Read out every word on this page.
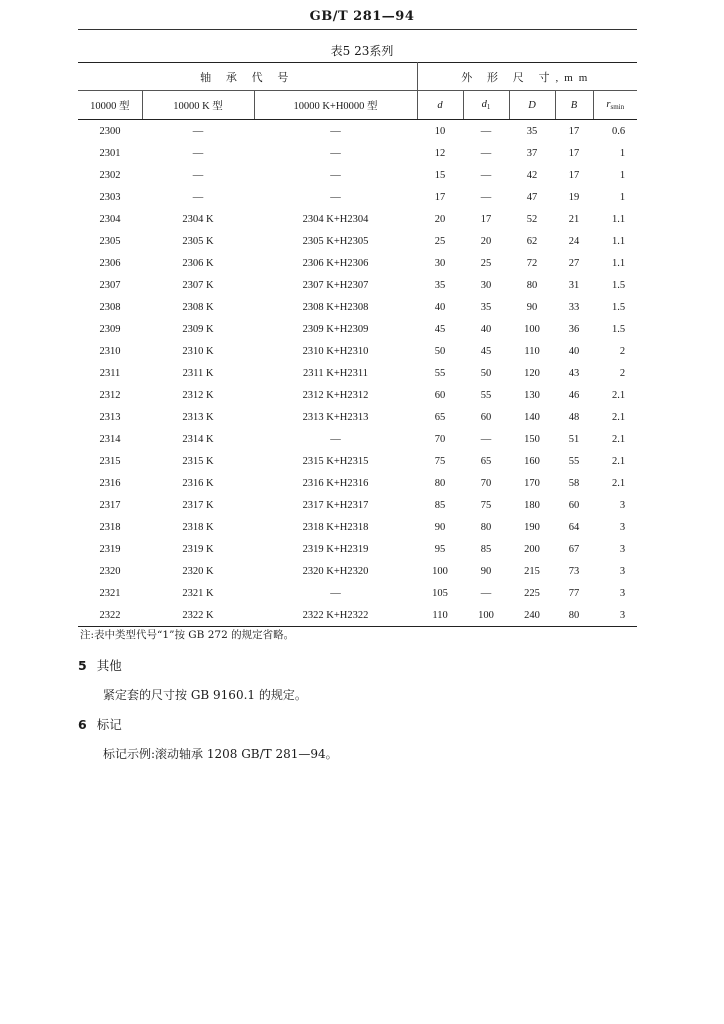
GB/T 281—94
表5 23系列
轴 承 代 号			外 形 尺 寸,mm				
10000 型	10000 K 型	10000 K+H0000 型	d	$d_1$	D	B	$r_{smin}$
2300	—	—	10	—	35	17	0.6
2301	—	—	12	—	37	17	1
2302	—	—	15	—	42	17	1
2303	—	—	17	—	47	19	1
2304	2304 K	2304 K+H2304	20	17	52	21	1.1
2305	2305 K	2305 K+H2305	25	20	62	24	1.1
2306	2306 K	2306 K+H2306	30	25	72	27	1.1
2307	2307 K	2307 K+H2307	35	30	80	31	1.5
2308	2308 K	2308 K+H2308	40	35	90	33	1.5
2309	2309 K	2309 K+H2309	45	40	100	36	1.5
2310	2310 K	2310 K+H2310	50	45	110	40	2
2311	2311 K	2311 K+H2311	55	50	120	43	2
2312	2312 K	2312 K+H2312	60	55	130	46	2.1
2313	2313 K	2313 K+H2313	65	60	140	48	2.1
2314	2314 K	—	70	—	150	51	2.1
2315	2315 K	2315 K+H2315	75	65	160	55	2.1
2316	2316 K	2316 K+H2316	80	70	170	58	2.1
2317	2317 K	2317 K+H2317	85	75	180	60	3
2318	2318 K	2318 K+H2318	90	80	190	64	3
2319	2319 K	2319 K+H2319	95	85	200	67	3
2320	2320 K	2320 K+H2320	100	90	215	73	3
2321	2321 K	—	105	—	225	77	3
2322	2322 K	2322 K+H2322	110	100	240	80	3
注:表中类型代号“1”按 GB 272 的规定省略。
5 其他
紧定套的尺寸按 GB 9160.1 的规定。
6 标记
标记示例:滚动轴承 1208 GB/T 281—94。
